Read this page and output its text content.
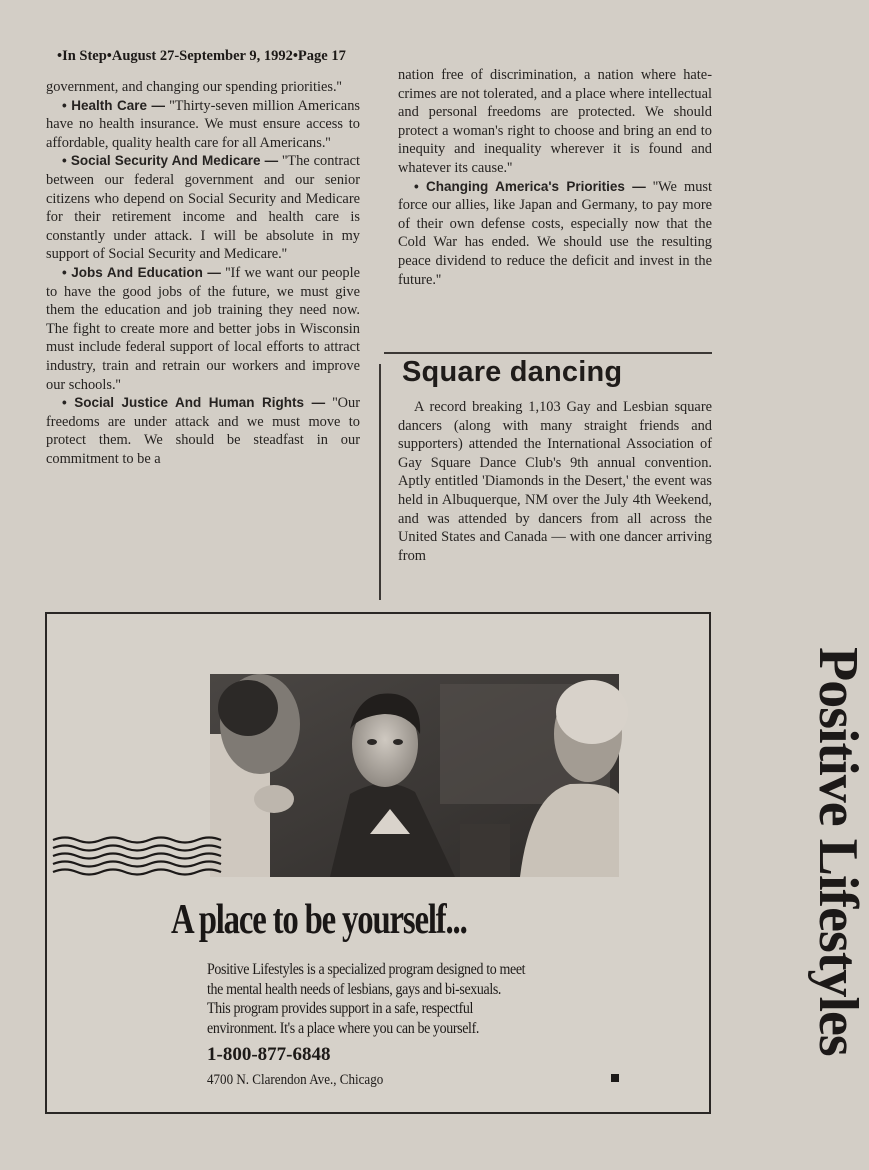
•In Step•August 27-September 9, 1992•Page 17

government, and changing our spending priorities.''

• Health Care — ''Thirty-seven million Americans have no health insurance. We must ensure access to affordable, quality health care for all Americans.''

• Social Security And Medicare — ''The contract between our federal government and our senior citizens who depend on Social Security and Medicare for their retirement income and health care is constantly under attack. I will be absolute in my support of Social Security and Medicare.''

• Jobs And Education — ''If we want our people to have the good jobs of the future, we must give them the education and job training they need now. The fight to create more and better jobs in Wisconsin must include federal support of local efforts to attract industry, train and retrain our workers and improve our schools.''

• Social Justice And Human Rights — ''Our freedoms are under attack and we must move to protect them. We should be steadfast in our commitment to be a

nation free of discrimination, a nation where hate-crimes are not tolerated, and a place where intellectual and personal freedoms are protected. We should protect a woman's right to choose and bring an end to inequity and inequality wherever it is found and whatever its cause.''

• Changing America's Priorities — ''We must force our allies, like Japan and Germany, to pay more of their own defense costs, especially now that the Cold War has ended. We should use the resulting peace dividend to reduce the deficit and invest in the future.''

Square dancing

A record breaking 1,103 Gay and Lesbian square dancers (along with many straight friends and supporters) attended the International Association of Gay Square Dance Club's 9th annual convention. Aptly entitled 'Diamonds in the Desert,' the event was held in Albuquerque, NM over the July 4th Weekend, and was attended by dancers from all across the United States and Canada — with one dancer arriving from

A place to be yourself...
Positive Lifestyles is a specialized program designed to meet
the mental health needs of lesbians, gays and bi-sexuals.
This program provides support in a safe, respectful
environment. It's a place where you can be yourself.
1-800-877-6848
4700 N. Clarendon Ave., Chicago
Positive Lifestyles
